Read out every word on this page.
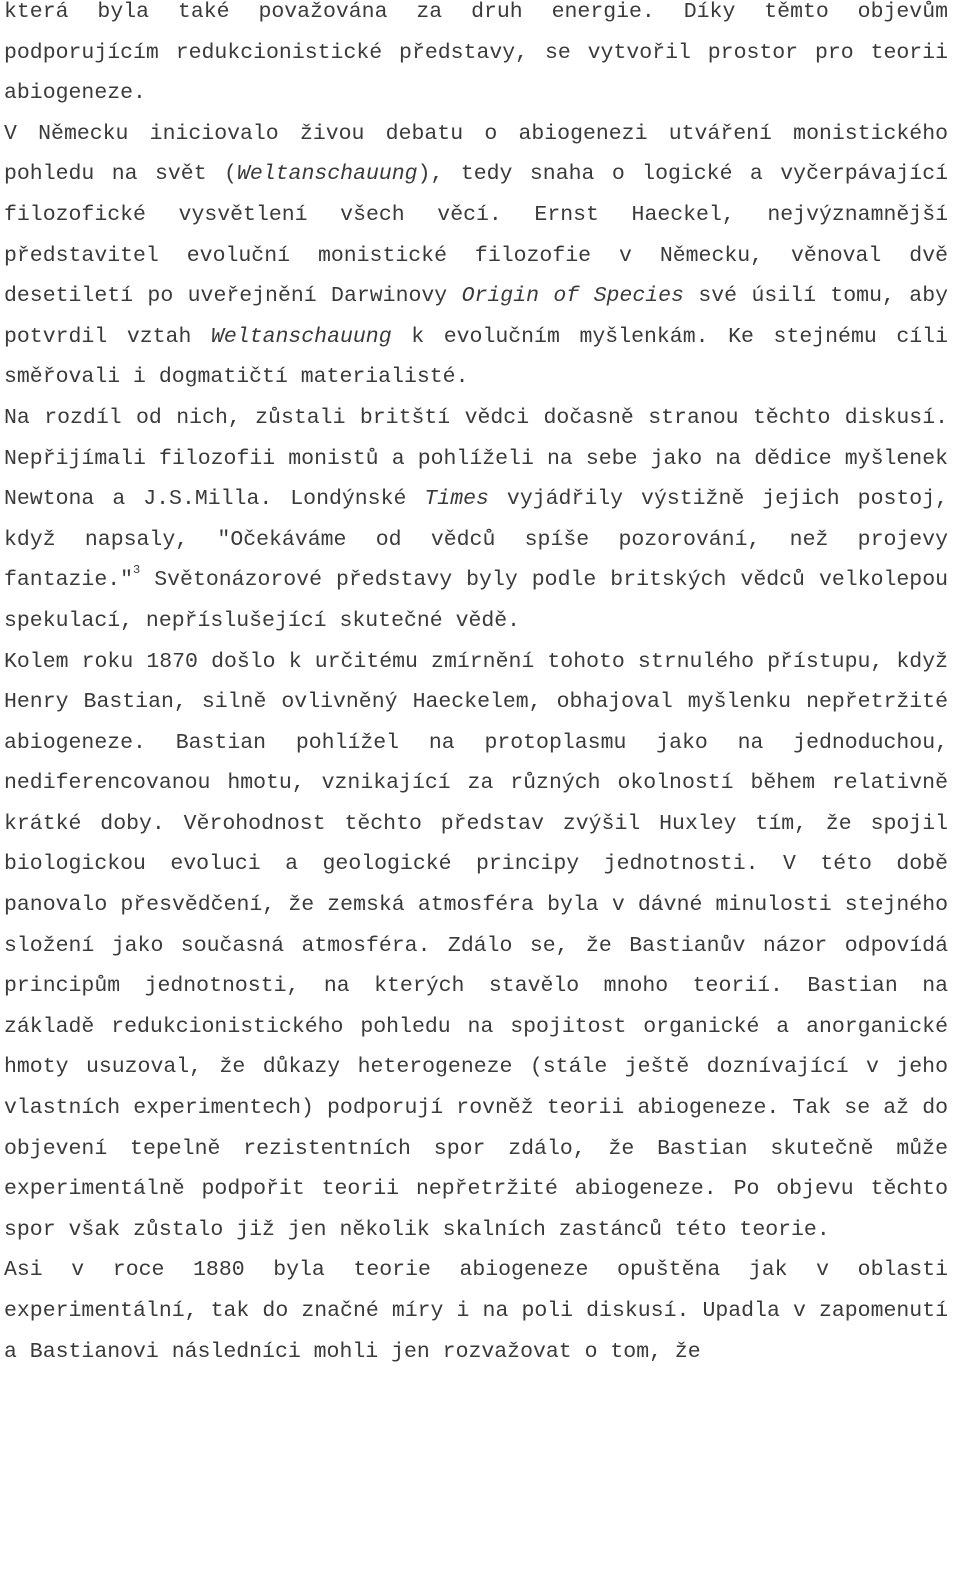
která byla také považována za druh energie. Díky těmto objevům podporujícím redukcionistické představy, se vytvořil prostor pro teorii abiogeneze.

V Německu iniciovalo živou debatu o abiogenezi utváření monistického pohledu na svět (Weltanschauung), tedy snaha o logické a vyčerpávající filozofické vysvětlení všech věcí. Ernst Haeckel, nejvýznamnější představitel evoluční monistické filozofie v Německu, věnoval dvě desetiletí po uveřejnění Darwinovy Origin of Species své úsilí tomu, aby potvrdil vztah Weltanschauung k evolučním myšlenkám. Ke stejnému cíli směřovali i dogmatičtí materialisté.

Na rozdíl od nich, zůstali britští vědci dočasně stranou těchto diskusí. Nepřijímali filozofii monistů a pohlíželi na sebe jako na dědice myšlenek Newtona a J.S.Milla. Londýnské Times vyjádřily výstižně jejich postoj, když napsaly, "Očekáváme od vědců spíše pozorování, než projevy fantazie."$^3$ Světonázorové představy byly podle britských vědců velkolepou spekulací, nepříslušející skutečné vědě.

Kolem roku 1870 došlo k určitému zmírnění tohoto strnulého přístupu, když Henry Bastian, silně ovlivněný Haeckelem, obhajoval myšlenku nepřetržité abiogeneze. Bastian pohlížel na protoplasmu jako na jednoduchou, nediferencovanou hmotu, vznikající za různých okolností během relativně krátké doby. Věrohodnost těchto představ zvýšil Huxley tím, že spojil biologickou evoluci a geologické principy jednotnosti. V této době panovalo přesvědčení, že zemská atmosféra byla v dávné minulosti stejného složení jako současná atmosféra. Zdálo se, že Bastianův názor odpovídá principům jednotnosti, na kterých stavělo mnoho teorií. Bastian na základě redukcionistického pohledu na spojitost organické a anorganické hmoty usuzoval, že důkazy heterogeneze (stále ještě doznívající v jeho vlastních experimentech) podporují rovněž teorii abiogeneze. Tak se až do objevení tepelně rezistentních spor zdálo, že Bastian skutečně může experimentálně podpořit teorii nepřetržité abiogeneze. Po objevu těchto spor však zůstalo již jen několik skalních zastánců této teorie.

Asi v roce 1880 byla teorie abiogeneze opuštěna jak v oblasti experimentální, tak do značné míry i na poli diskusí. Upadla v zapomenutí a Bastianovi následníci mohli jen rozvažovat o tom, že
